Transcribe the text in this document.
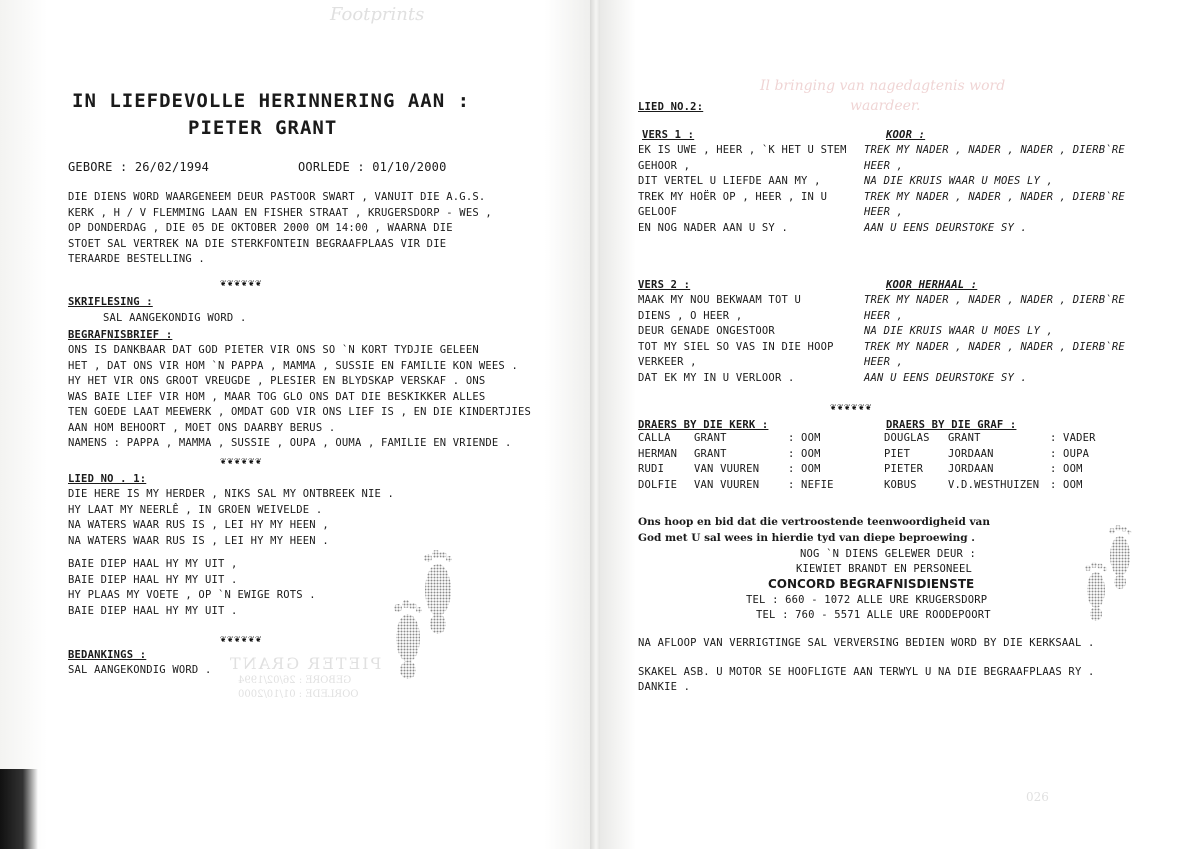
Footprints
PIETER GRANT
GEBORE : 26/02/1994
OORLEDE : 01/10/2000
IN LIEFDEVOLLE HERINNERING AAN :
PIETER GRANT
GEBORE : 26/02/1994	OORLEDE : 01/10/2000
DIE DIENS WORD WAARGENEEM DEUR PASTOOR SWART , VANUIT DIE A.G.S.
KERK , H / V FLEMMING LAAN EN FISHER STRAAT , KRUGERSDORP - WES ,
OP DONDERDAG , DIE 05 DE OKTOBER 2000 OM 14:00 , WAARNA DIE
STOET SAL VERTREK NA DIE STERKFONTEIN BEGRAAFPLAAS VIR DIE
TERAARDE BESTELLING .
❦❦❦❦❦❦
SKRIFLESING :
SAL AANGEKONDIG WORD .
BEGRAFNISBRIEF :
ONS IS DANKBAAR DAT GOD PIETER VIR ONS SO `N KORT TYDJIE GELEEN
HET , DAT ONS VIR HOM `N PAPPA , MAMMA , SUSSIE EN FAMILIE KON WEES .
HY HET VIR ONS GROOT VREUGDE , PLESIER EN BLYDSKAP VERSKAF . ONS
WAS BAIE LIEF VIR HOM , MAAR TOG GLO ONS DAT DIE BESKIKKER ALLES
TEN GOEDE LAAT MEEWERK , OMDAT GOD VIR ONS LIEF IS , EN DIE KINDERTJIES
AAN HOM BEHOORT , MOET ONS DAARBY BERUS .
NAMENS : PAPPA , MAMMA , SUSSIE , OUPA , OUMA , FAMILIE EN VRIENDE .
❦❦❦❦❦❦
LIED NO . 1:
DIE HERE IS MY HERDER , NIKS SAL MY ONTBREEK NIE .
HY LAAT MY NEERLÊ , IN GROEN WEIVELDE .
NA WATERS WAAR RUS IS , LEI HY MY HEEN ,
NA WATERS WAAR RUS IS , LEI HY MY HEEN .
BAIE DIEP HAAL HY MY UIT ,
BAIE DIEP HAAL HY MY UIT .
HY PLAAS MY VOETE , OP `N EWIGE ROTS .
BAIE DIEP HAAL HY MY UIT .
❦❦❦❦❦❦
BEDANKINGS :
SAL AANGEKONDIG WORD .
Il bringing van nagedagtenis word
waardeer.
026
LIED NO.2:
VERS 1 :
EK IS UWE , HEER , `K HET U STEM
GEHOOR ,
DIT VERTEL U LIEFDE AAN MY ,
TREK MY HOËR OP , HEER , IN U
GELOOF
EN NOG NADER AAN U SY .
KOOR :
TREK MY NADER , NADER , NADER , DIERB`RE
HEER ,
NA DIE KRUIS WAAR U MOES LY ,
TREK MY NADER , NADER , NADER , DIERB`RE
HEER ,
AAN U EENS DEURSTOKE SY .
VERS 2 :
MAAK MY NOU BEKWAAM TOT U
DIENS , O HEER ,
DEUR GENADE ONGESTOOR
TOT MY SIEL SO VAS IN DIE HOOP
VERKEER ,
DAT EK MY IN U VERLOOR .
KOOR HERHAAL :
TREK MY NADER , NADER , NADER , DIERB`RE
HEER ,
NA DIE KRUIS WAAR U MOES LY ,
TREK MY NADER , NADER , NADER , DIERB`RE
HEER ,
AAN U EENS DEURSTOKE SY .
❦❦❦❦❦❦
DRAERS BY DIE KERK :
CALLA GRANT	: OOM
HERMAN GRANT	: OOM
RUDI	VAN VUUREN	: OOM
DOLFIE VAN VUUREN	: NEFIE
DRAERS BY DIE GRAF :
DOUGLAS GRANT	: VADER
PIET	JORDAAN	: OUPA
PIETER JORDAAN	: OOM
KOBUS	V.D.WESTHUIZEN : OOM
Ons hoop en bid dat die vertroostende teenwoordigheid van
God met U sal wees in hierdie tyd van diepe beproewing .
NOG `N DIENS GELEWER DEUR :
KIEWIET BRANDT EN PERSONEEL
CONCORD BEGRAFNISDIENSTE
TEL : 660 - 1072 ALLE URE KRUGERSDORP
TEL : 760 - 5571 ALLE URE ROODEPOORT
NA AFLOOP VAN VERRIGTINGE SAL VERVERSING BEDIEN WORD BY DIE KERKSAAL .
SKAKEL ASB. U MOTOR SE HOOFLIGTE AAN TERWYL U NA DIE BEGRAAFPLAAS RY .
DANKIE .
